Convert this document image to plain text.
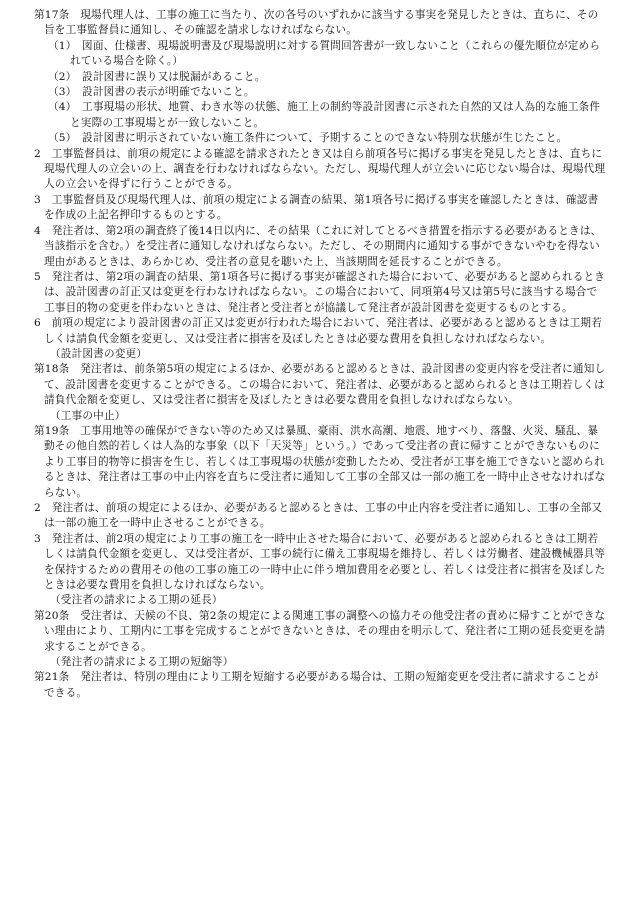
第17条　現場代理人は、工事の施工に当たり、次の各号のいずれかに該当する事実を発見したときは、直ちに、その旨を工事監督員に通知し、その確認を請求しなければならない。

（1）　図面、仕様書、現場説明書及び現場説明に対する質問回答書が一致しないこと（これらの優先順位が定められている場合を除く。）

（2）　設計図書に誤り又は脱漏があること。

（3）　設計図書の表示が明確でないこと。

（4）　工事現場の形状、地質、わき水等の状態、施工上の制約等設計図書に示された自然的又は人為的な施工条件と実際の工事現場とが一致しないこと。

（5）　設計図書に明示されていない施工条件について、予期することのできない特別な状態が生じたこと。

2　工事監督員は、前項の規定による確認を請求されたとき又は自ら前項各号に掲げる事実を発見したときは、直ちに現場代理人の立会いの上、調査を行わなければならない。ただし、現場代理人が立会いに応じない場合は、現場代理人の立会いを得ずに行うことができる。

3　工事監督員及び現場代理人は、前項の規定による調査の結果、第1項各号に掲げる事実を確認したときは、確認書を作成の上記名押印するものとする。

4　発注者は、第2項の調査終了後14日以内に、その結果（これに対してとるべき措置を指示する必要があるときは、当該指示を含む。）を受注者に通知しなければならない。ただし、その期間内に通知する事ができないやむを得ない理由があるときは、あらかじめ、受注者の意見を聴いた上、当該期間を延長することができる。

5　発注者は、第2項の調査の結果、第1項各号に掲げる事実が確認された場合において、必要があると認められるときは、設計図書の訂正又は変更を行わなければならない。この場合において、同項第4号又は第5号に該当する場合で工事目的物の変更を伴わないときは、発注者と受注者とが協議して発注者が設計図書を変更するものとする。

6　前項の規定により設計図書の訂正又は変更が行われた場合において、発注者は、必要があると認めるときは工期若しくは請負代金額を変更し、又は受注者に損害を及ぼしたときは必要な費用を負担しなければならない。

（設計図書の変更）

第18条　発注者は、前条第5項の規定によるほか、必要があると認めるときは、設計図書の変更内容を受注者に通知して、設計図書を変更することができる。この場合において、発注者は、必要があると認められるときは工期若しくは請負代金額を変更し、又は受注者に損害を及ぼしたときは必要な費用を負担しなければならない。

（工事の中止）

第19条　工事用地等の確保ができない等のため又は暴風、豪雨、洪水高潮、地震、地すべり、落盤、火災、騒乱、暴動その他自然的若しくは人為的な事象（以下「天災等」という。）であって受注者の責に帰すことができないものにより工事目的物等に損害を生じ、若しくは工事現場の状態が変動したため、受注者が工事を施工できないと認められるときは、発注者は工事の中止内容を直ちに受注者に通知して工事の全部又は一部の施工を一時中止させなければならない。

2　発注者は、前項の規定によるほか、必要があると認めるときは、工事の中止内容を受注者に通知し、工事の全部又は一部の施工を一時中止させることができる。

3　発注者は、前2項の規定により工事の施工を一時中止させた場合において、必要があると認められるときは工期若しくは請負代金額を変更し、又は受注者が、工事の続行に備え工事現場を維持し、若しくは労働者、建設機械器具等を保持するための費用その他の工事の施工の一時中止に伴う増加費用を必要とし、若しくは受注者に損害を及ぼしたときは必要な費用を負担しなければならない。

（受注者の請求による工期の延長）

第20条　受注者は、天候の不良、第2条の規定による関連工事の調整への協力その他受注者の責めに帰すことができない理由により、工期内に工事を完成することができないときは、その理由を明示して、発注者に工期の延長変更を請求することができる。

（発注者の請求による工期の短縮等）

第21条　発注者は、特別の理由により工期を短縮する必要がある場合は、工期の短縮変更を受注者に請求することができる。
